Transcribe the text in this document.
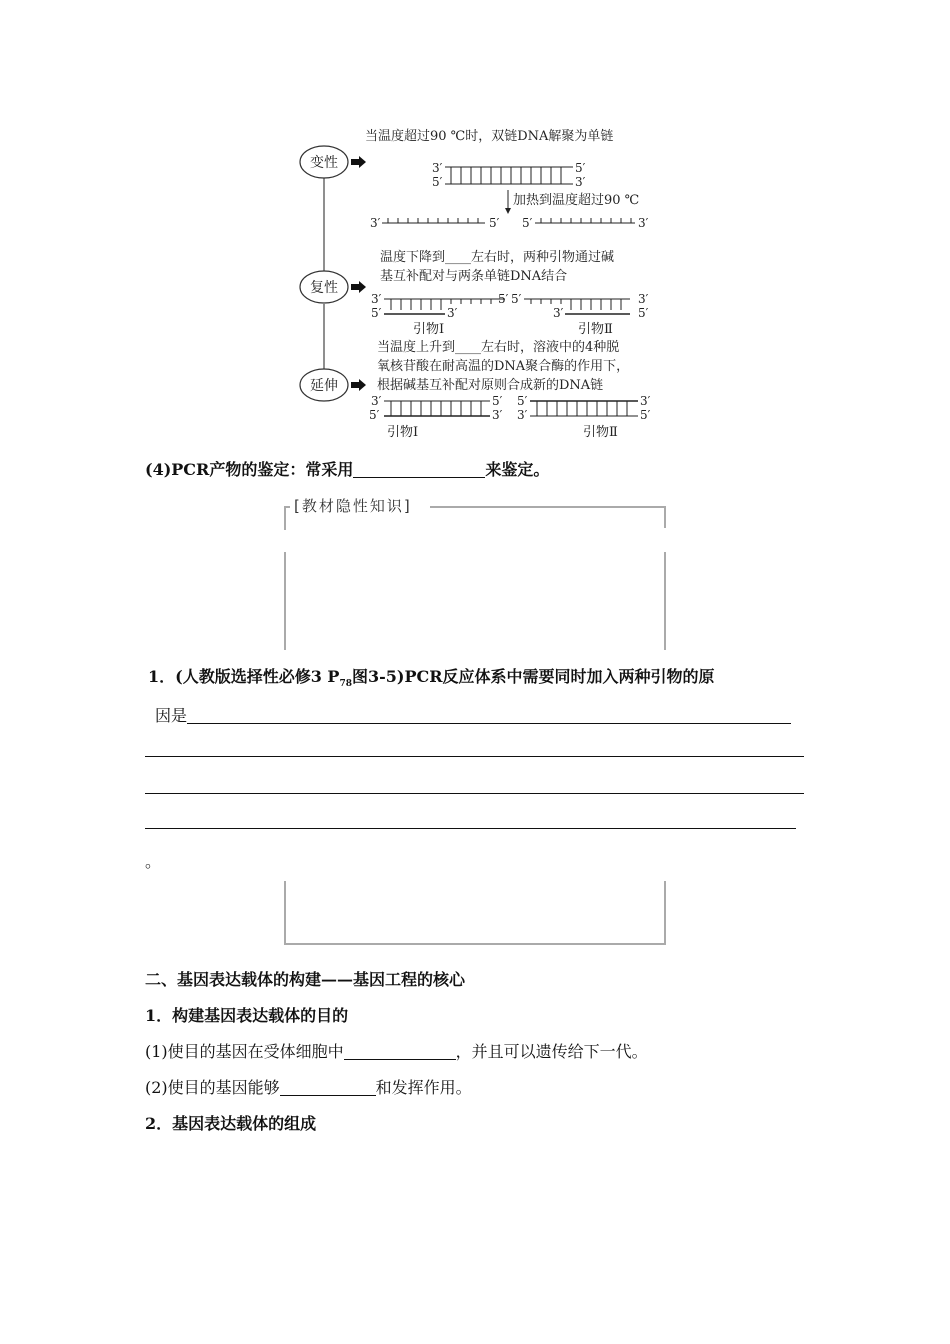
变性
复性
延伸
当温度超过90 ℃时，双链DNA解聚为单链
3′
5′
5′
3′
加热到温度超过90 ℃
3′	5′ 5′	3′
温度下降到____左右时，两种引物通过碱
基互补配对与两条单链DNA结合
3′
5′	3′
5′ 5′
3′
3′
5′
引物Ⅰ	引物Ⅱ
当温度上升到____左右时，溶液中的4种脱
氧核苷酸在耐高温的DNA聚合酶的作用下，
根据碱基互补配对原则合成新的DNA链
3′
5′
5′
3′
5′
3′
3′
5′
引物Ⅰ	引物Ⅱ
(4)PCR产物的鉴定：常采用	来鉴定。
[教材隐性知识]
1．(人教版选择性必修3 $P_{78}$图3-5)PCR反应体系中需要同时加入两种引物的原
因是
。
二、基因表达载体的构建——基因工程的核心
1．构建基因表达载体的目的
(1)使目的基因在受体细胞中	，并且可以遗传给下一代。
(2)使目的基因能够	和发挥作用。
2．基因表达载体的组成
